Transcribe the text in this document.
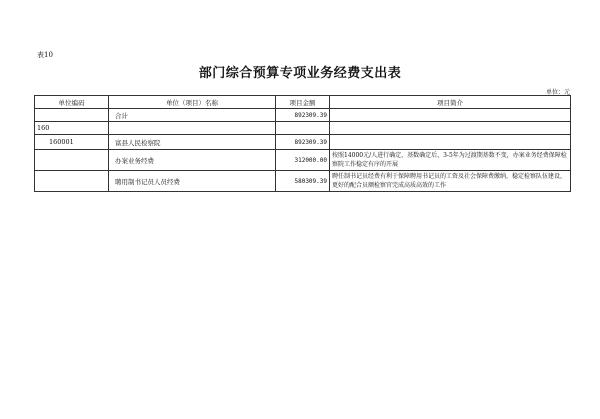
表10
部门综合预算专项业务经费支出表
单位：元
单位编码	单位（项目）名称	项目金额	项目简介
	合计	892309.39	
160			
160001	富县人民检察院	892309.39	
	办案业务经费	312000.00	按照14000元/人进行确定，基数确定后，3-5年为过渡期基数不变，办案业务经费保障检察院工作稳定有序的开展
	聘用制书记员人员经费	580309.39	聘任制书记员经费有利于保障聘用书记员的工资及社会保障费缴纳，稳定检察队伍建设，更好的配合员额检察官完成高质高效的工作
